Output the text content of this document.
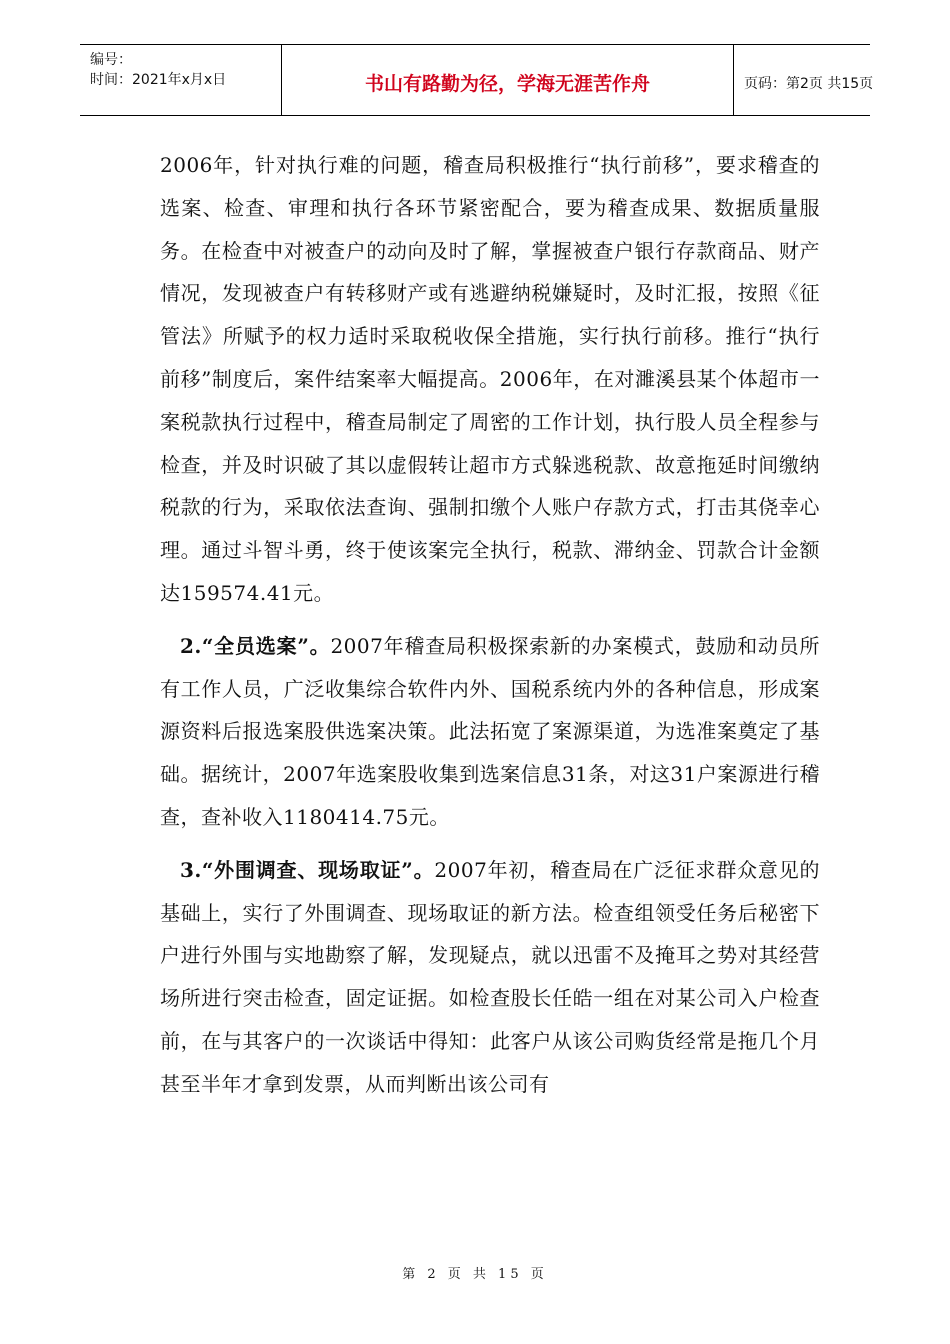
编号：
时间：2021年x月x日	书山有路勤为径，学海无涯苦作舟	页码：第2页 共15页

2006年，针对执行难的问题，稽查局积极推行“执行前移”，要求稽查的选案、检查、审理和执行各环节紧密配合，要为稽查成果、数据质量服务。在检查中对被查户的动向及时了解，掌握被查户银行存款商品、财产情况，发现被查户有转移财产或有逃避纳税嫌疑时，及时汇报，按照《征管法》所赋予的权力适时采取税收保全措施，实行执行前移。推行“执行前移”制度后，案件结案率大幅提高。2006年，在对濉溪县某个体超市一案税款执行过程中，稽查局制定了周密的工作计划，执行股人员全程参与检查，并及时识破了其以虚假转让超市方式躲逃税款、故意拖延时间缴纳税款的行为，采取依法查询、强制扣缴个人账户存款方式，打击其侥幸心理。通过斗智斗勇，终于使该案完全执行，税款、滞纳金、罚款合计金额达159574.41元。

2.“全员选案”。2007年稽查局积极探索新的办案模式，鼓励和动员所有工作人员，广泛收集综合软件内外、国税系统内外的各种信息，形成案源资料后报选案股供选案决策。此法拓宽了案源渠道，为选准案奠定了基础。据统计，2007年选案股收集到选案信息31条，对这31户案源进行稽查，查补收入1180414.75元。

3.“外围调查、现场取证”。2007年初，稽查局在广泛征求群众意见的基础上，实行了外围调查、现场取证的新方法。检查组领受任务后秘密下户进行外围与实地勘察了解，发现疑点，就以迅雷不及掩耳之势对其经营场所进行突击检查，固定证据。如检查股长任皓一组在对某公司入户检查前，在与其客户的一次谈话中得知：此客户从该公司购货经常是拖几个月甚至半年才拿到发票，从而判断出该公司有

第 2 页 共 15 页
